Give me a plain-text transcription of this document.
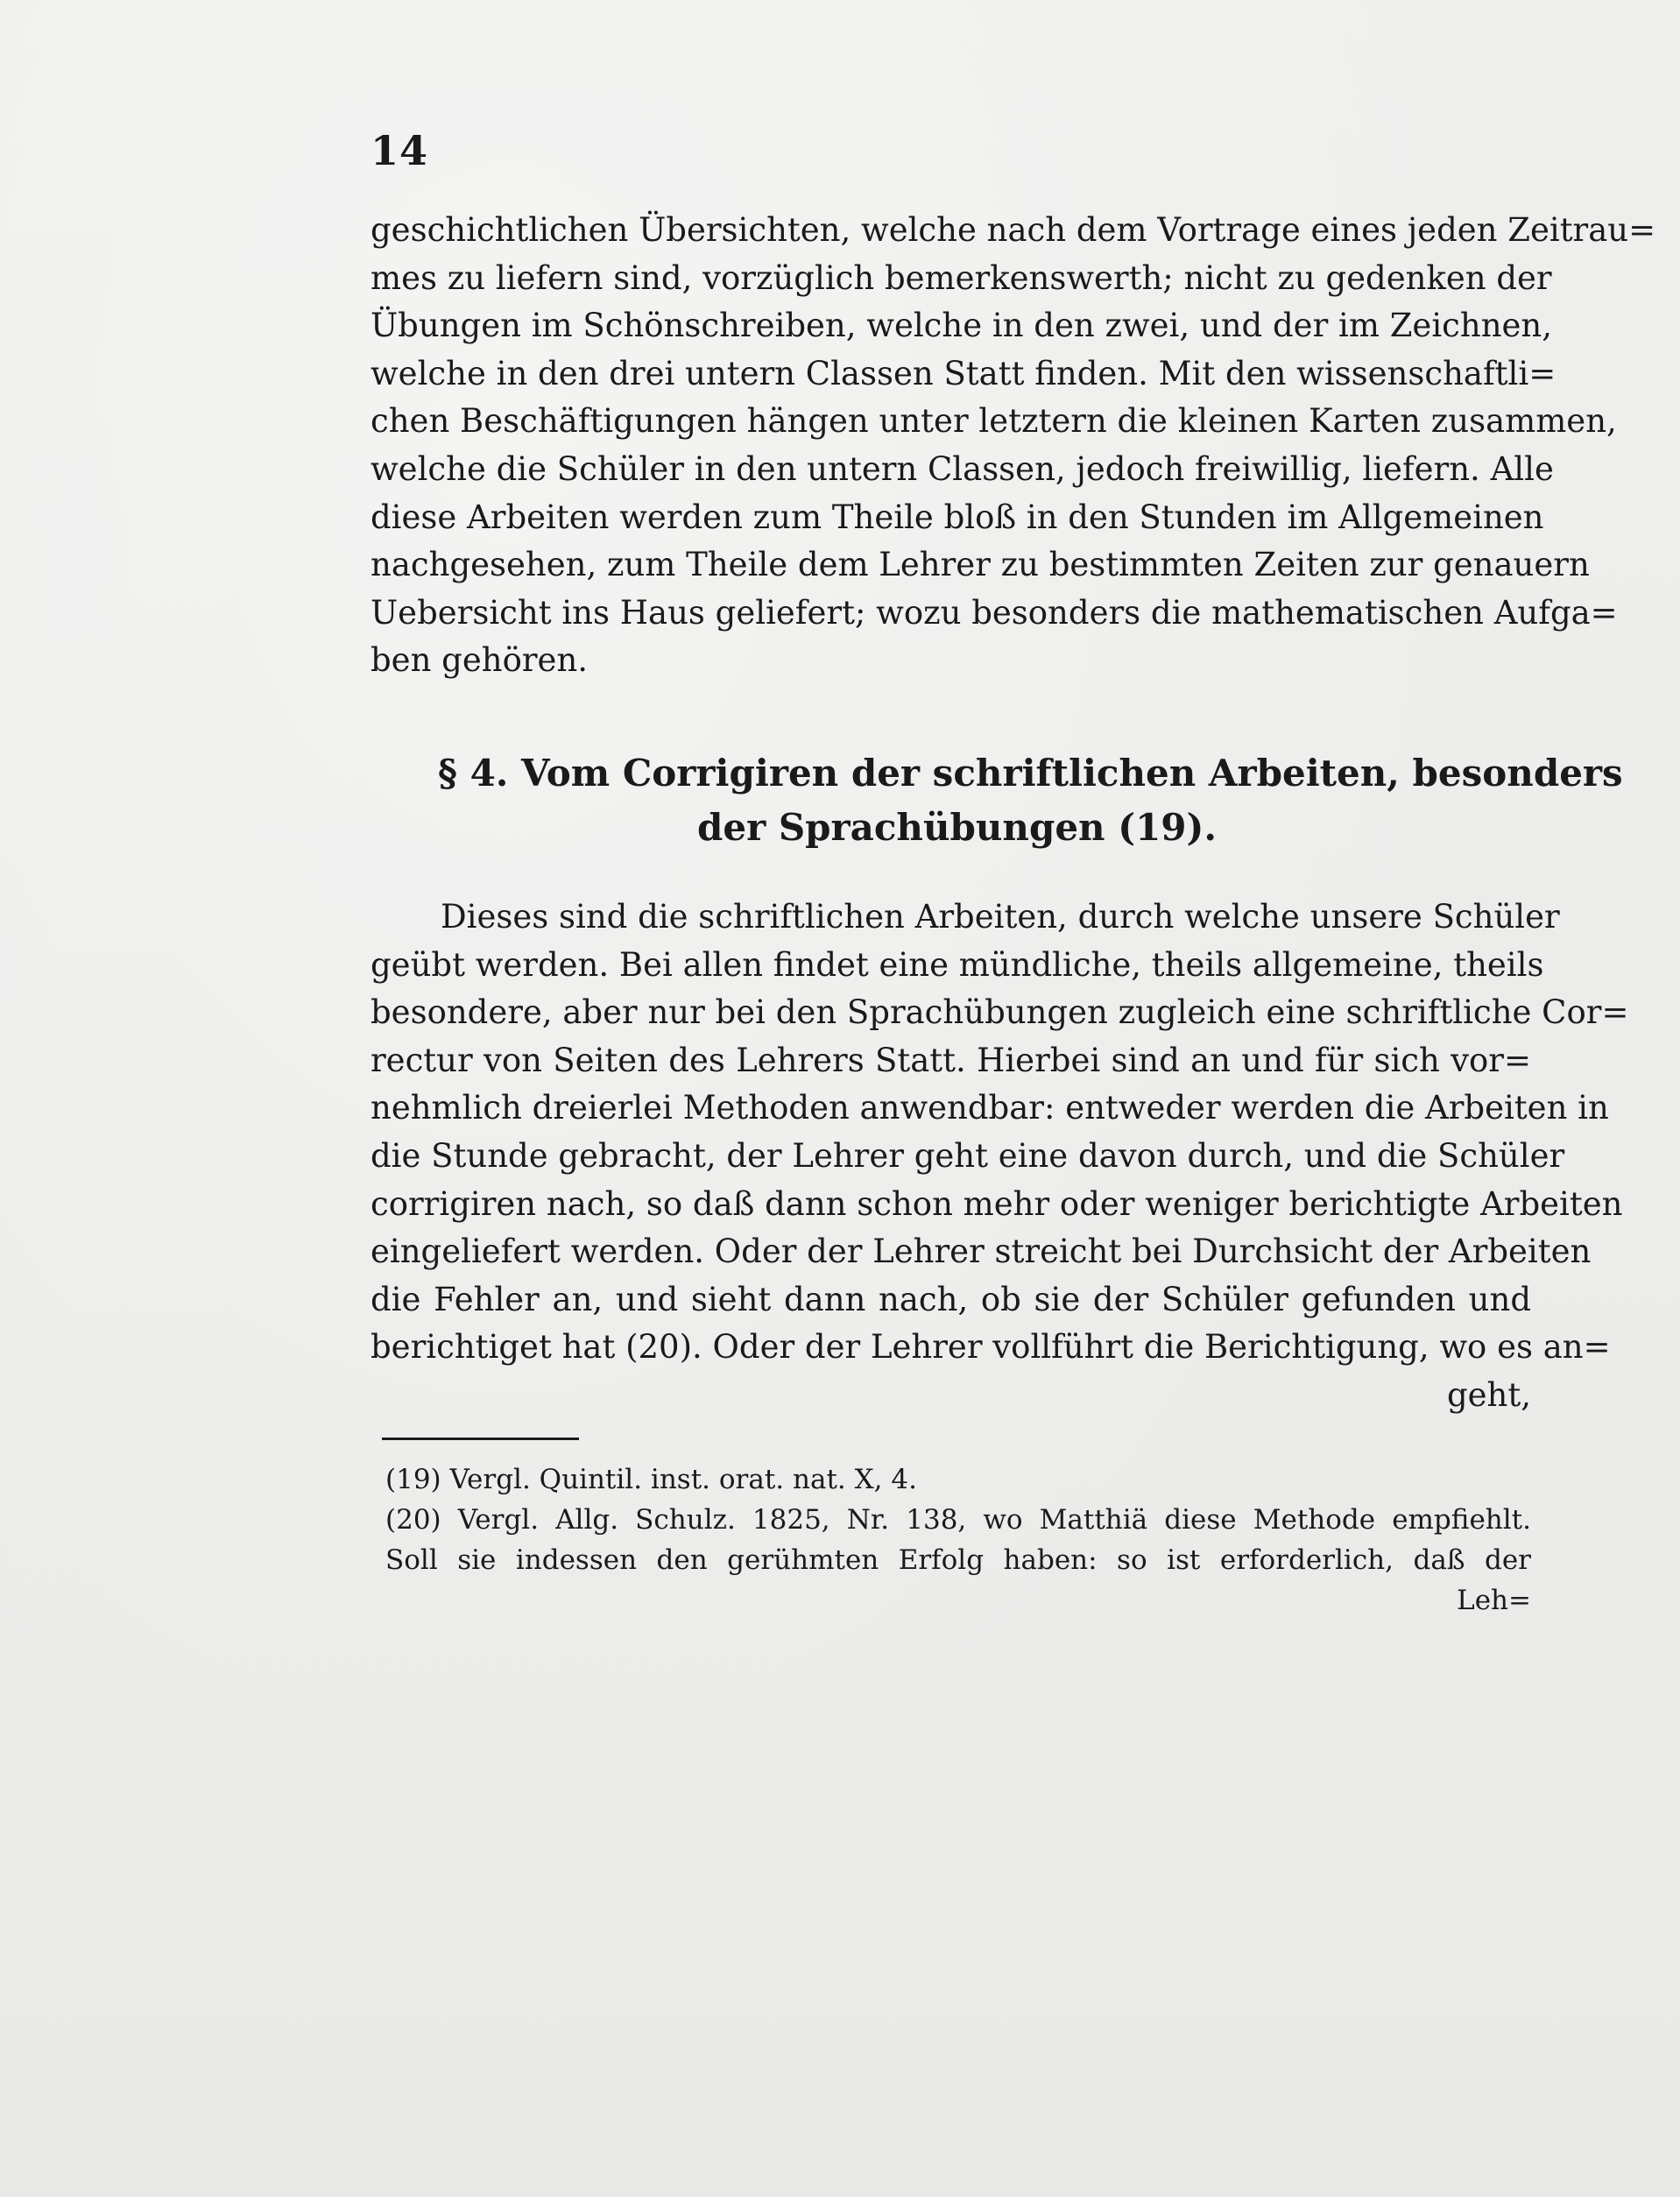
14
geschichtlichen Übersichten, welche nach dem Vortrage eines jeden Zeitrau=
mes zu liefern sind, vorzüglich bemerkenswerth; nicht zu gedenken der
Übungen im Schönschreiben, welche in den zwei, und der im Zeichnen,
welche in den drei untern Classen Statt finden. Mit den wissenschaftli=
chen Beschäftigungen hängen unter letztern die kleinen Karten zusammen,
welche die Schüler in den untern Classen, jedoch freiwillig, liefern. Alle
diese Arbeiten werden zum Theile bloß in den Stunden im Allgemeinen
nachgesehen, zum Theile dem Lehrer zu bestimmten Zeiten zur genauern
Uebersicht ins Haus geliefert; wozu besonders die mathematischen Aufga=
ben gehören.
§ 4. Vom Corrigiren der schriftlichen Arbeiten, besonders
der Sprachübungen (19).
Dieses sind die schriftlichen Arbeiten, durch welche unsere Schüler
geübt werden. Bei allen findet eine mündliche, theils allgemeine, theils
besondere, aber nur bei den Sprachübungen zugleich eine schriftliche Cor=
rectur von Seiten des Lehrers Statt. Hierbei sind an und für sich vor=
nehmlich dreierlei Methoden anwendbar: entweder werden die Arbeiten in
die Stunde gebracht, der Lehrer geht eine davon durch, und die Schüler
corrigiren nach, so daß dann schon mehr oder weniger berichtigte Arbeiten
eingeliefert werden. Oder der Lehrer streicht bei Durchsicht der Arbeiten
die Fehler an, und sieht dann nach, ob sie der Schüler gefunden und
berichtiget hat (20). Oder der Lehrer vollführt die Berichtigung, wo es an=
geht,
(19) Vergl. Quintil. inst. orat. nat. X, 4.
(20) Vergl. Allg. Schulz. 1825, Nr. 138, wo Matthiä diese Methode empfiehlt.
Soll sie indessen den gerühmten Erfolg haben: so ist erforderlich, daß der
Leh=
